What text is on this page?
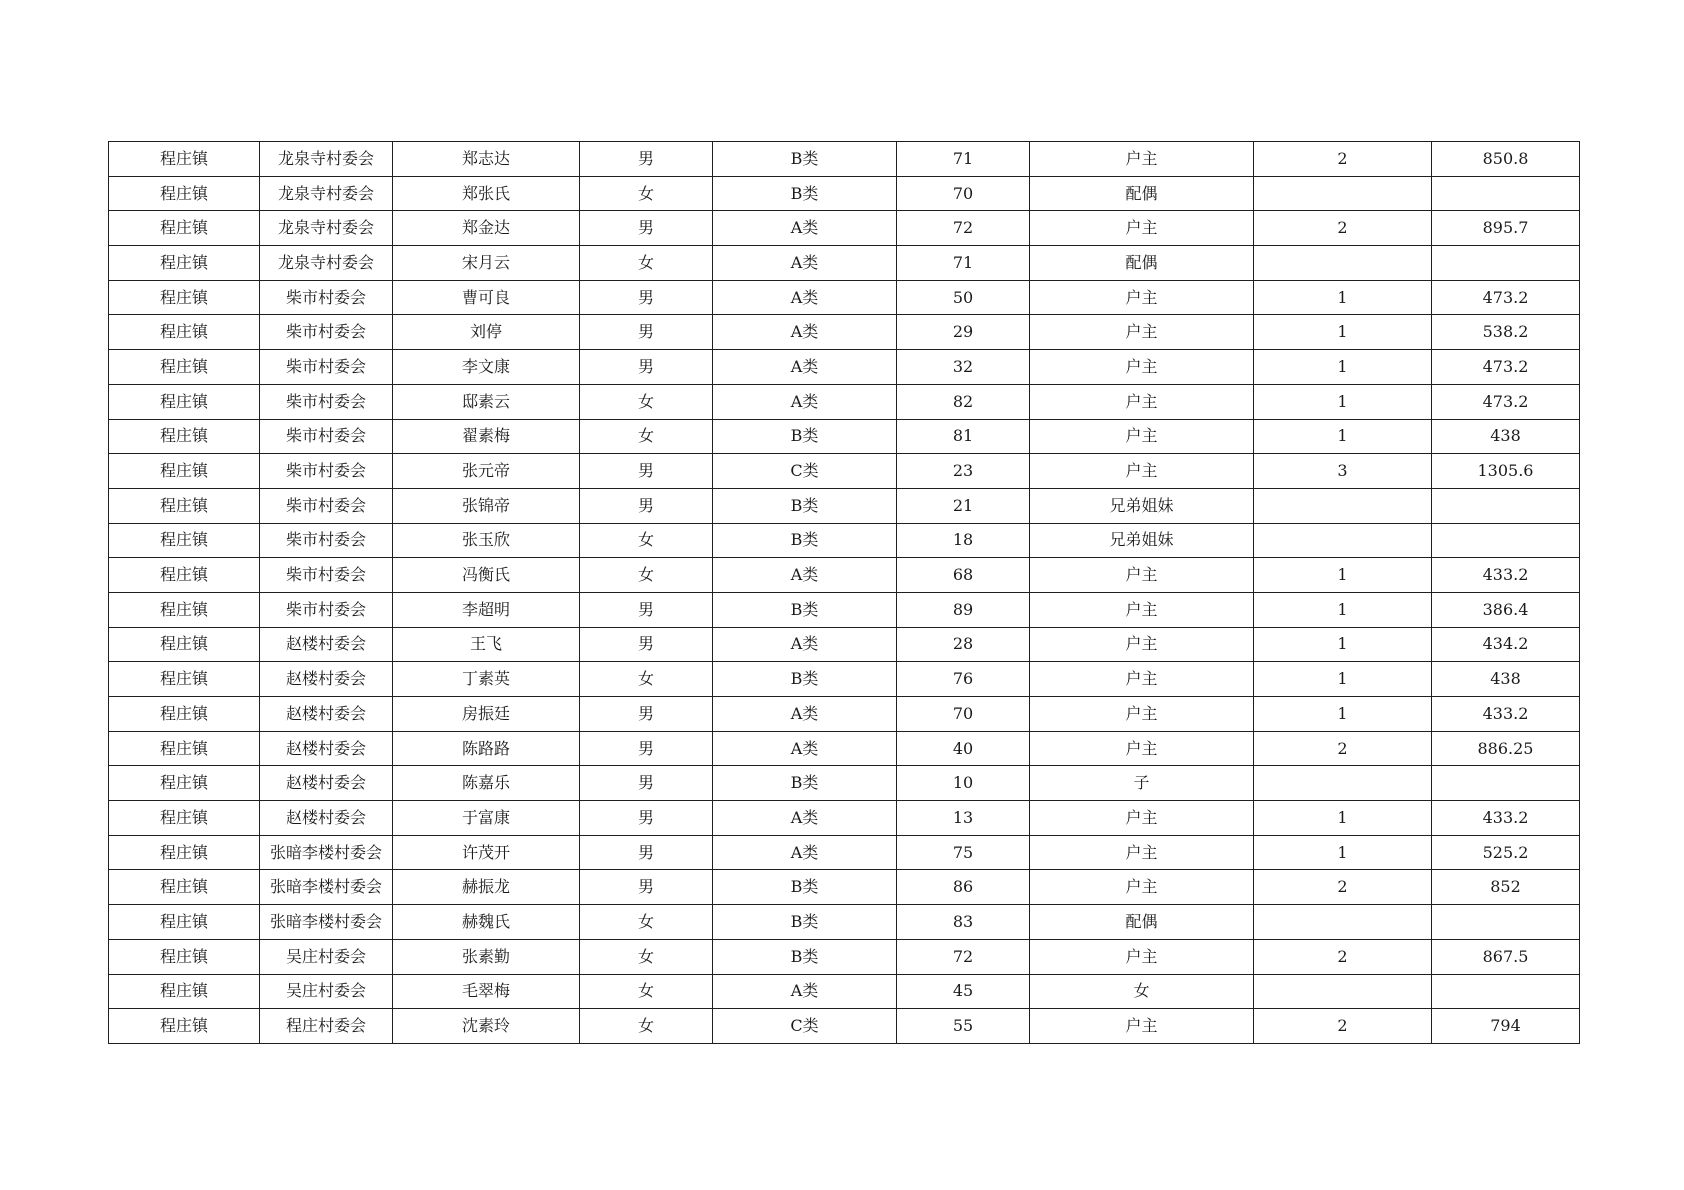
程庄镇	龙泉寺村委会	郑志达	男	B类	71	户主	2	850.8
程庄镇	龙泉寺村委会	郑张氏	女	B类	70	配偶		
程庄镇	龙泉寺村委会	郑金达	男	A类	72	户主	2	895.7
程庄镇	龙泉寺村委会	宋月云	女	A类	71	配偶		
程庄镇	柴市村委会	曹可良	男	A类	50	户主	1	473.2
程庄镇	柴市村委会	刘停	男	A类	29	户主	1	538.2
程庄镇	柴市村委会	李文康	男	A类	32	户主	1	473.2
程庄镇	柴市村委会	邸素云	女	A类	82	户主	1	473.2
程庄镇	柴市村委会	翟素梅	女	B类	81	户主	1	438
程庄镇	柴市村委会	张元帝	男	C类	23	户主	3	1305.6
程庄镇	柴市村委会	张锦帝	男	B类	21	兄弟姐妹		
程庄镇	柴市村委会	张玉欣	女	B类	18	兄弟姐妹		
程庄镇	柴市村委会	冯衡氏	女	A类	68	户主	1	433.2
程庄镇	柴市村委会	李超明	男	B类	89	户主	1	386.4
程庄镇	赵楼村委会	王飞	男	A类	28	户主	1	434.2
程庄镇	赵楼村委会	丁素英	女	B类	76	户主	1	438
程庄镇	赵楼村委会	房振廷	男	A类	70	户主	1	433.2
程庄镇	赵楼村委会	陈路路	男	A类	40	户主	2	886.25
程庄镇	赵楼村委会	陈嘉乐	男	B类	10	子		
程庄镇	赵楼村委会	于富康	男	A类	13	户主	1	433.2
程庄镇	张暗李楼村委会	许茂开	男	A类	75	户主	1	525.2
程庄镇	张暗李楼村委会	赫振龙	男	B类	86	户主	2	852
程庄镇	张暗李楼村委会	赫魏氏	女	B类	83	配偶		
程庄镇	吴庄村委会	张素勤	女	B类	72	户主	2	867.5
程庄镇	吴庄村委会	毛翠梅	女	A类	45	女		
程庄镇	程庄村委会	沈素玲	女	C类	55	户主	2	794
